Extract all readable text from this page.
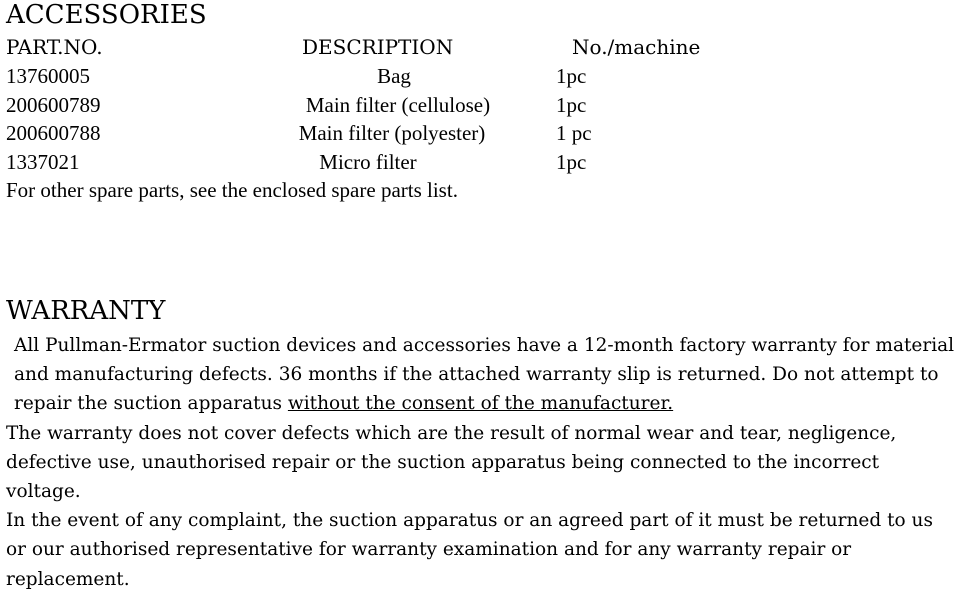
ACCESSORIES
PART.NO.	DESCRIPTION	No./machine
13760005	Bag	1pc
200600789	Main filter (cellulose)	1pc
200600788	Main filter (polyester)	1 pc
1337021	Micro filter	1pc
For other spare parts, see the enclosed spare parts list.
WARRANTY

All Pullman-Ermator suction devices and accessories have a 12-month factory warranty for material and manufacturing defects. 36 months if the attached warranty slip is returned. Do not attempt to repair the suction apparatus without the consent of the manufacturer.

The warranty does not cover defects which are the result of normal wear and tear, negligence, defective use, unauthorised repair or the suction apparatus being connected to the incorrect voltage.

In the event of any complaint, the suction apparatus or an agreed part of it must be returned to us or our authorised representative for warranty examination and for any warranty repair or replacement.
